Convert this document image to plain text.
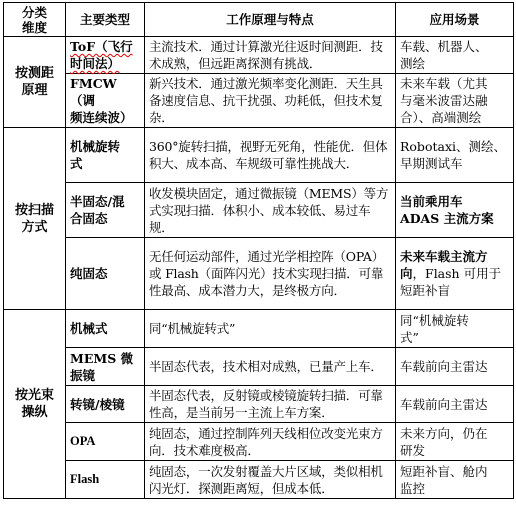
分类
维度	主要类型	工作原理与特点	应用场景
按测距
原理	ToF（飞行
时间法）	主流技术．通过计算激光往返时间测距．技术成熟，但远距离探测有挑战．	车载、机器人、
测绘
	FMCW（调
频连续波）	新兴技术．通过激光频率变化测距．天生具备速度信息、抗干扰强、功耗低，但技术复杂．	未来车载（尤其
与毫米波雷达融
合）、高端测绘
按扫描
方式	机械旋转
式	360°旋转扫描，视野无死角，性能优．但体积大、成本高、车规级可靠性挑战大．	Robotaxi、测绘、
早期测试车
	半固态/混
合固态	收发模块固定，通过微振镜（MEMS）等方式实现扫描．体积小、成本较低、易过车规．	当前乘用车
ADAS 主流方案
	纯固态	无任何运动部件，通过光学相控阵（OPA）或 Flash（面阵闪光）技术实现扫描．可靠性最高、成本潜力大，是终极方向．	未来车载主流方
向，Flash 可用于
短距补盲
按光束
操纵	机械式	同“机械旋转式”	同“机械旋转
式”
	MEMS 微
振镜	半固态代表，技术相对成熟，已量产上车．	车载前向主雷达
	转镜/棱镜	半固态代表，反射镜或棱镜旋转扫描．可靠性高，是当前另一主流上车方案．	车载前向主雷达
	OPA	纯固态，通过控制阵列天线相位改变光束方向．技术难度极高．	未来方向，仍在
研发
	Flash	纯固态，一次发射覆盖大片区域，类似相机闪光灯．探测距离短，但成本低．	短距补盲、舱内
监控
